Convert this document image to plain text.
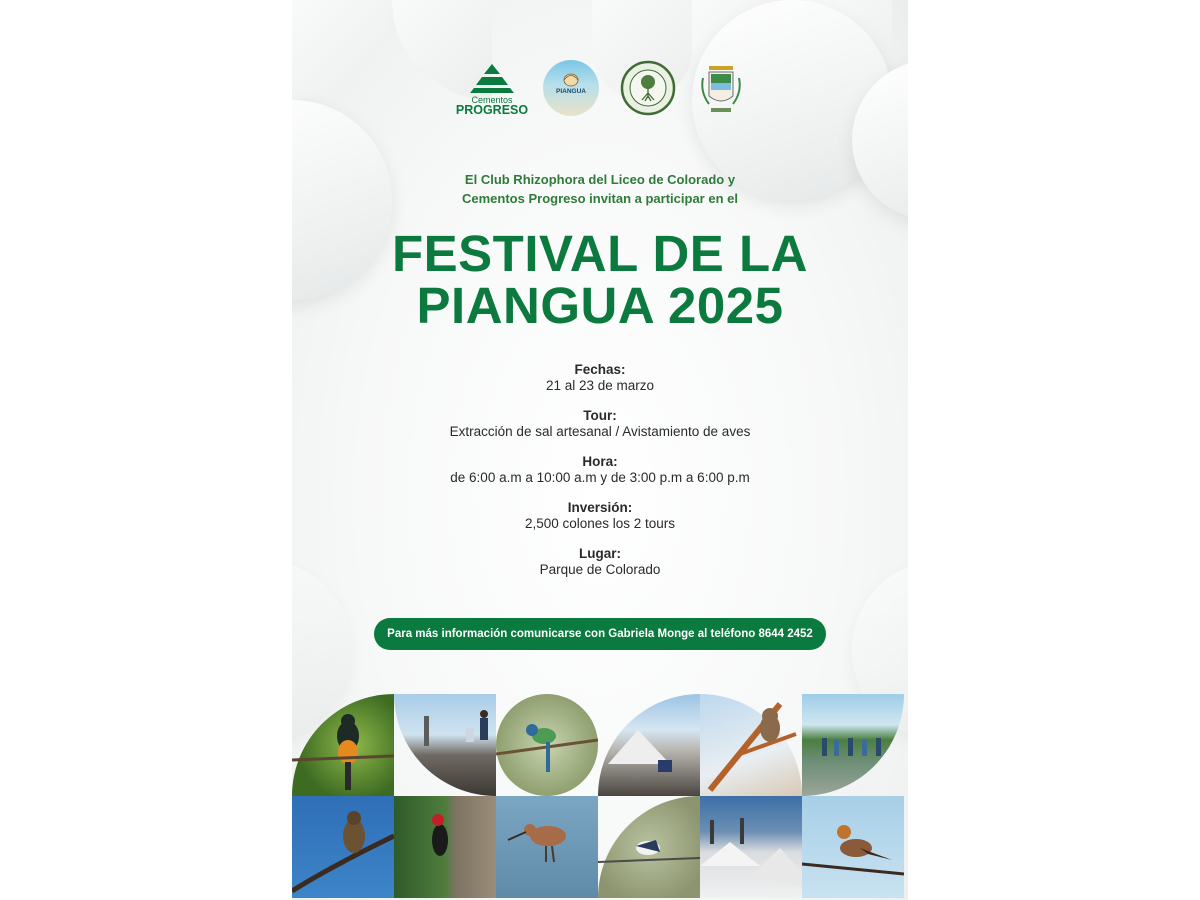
Cementos
PROGRESO
PIANGUA
El Club Rhizophora del Liceo de Colorado y
Cementos Progreso invitan a participar en el
FESTIVAL DE LA
PIANGUA 2025
Fechas:
21 al 23 de marzo
Tour:
Extracción de sal artesanal / Avistamiento de aves
Hora:
de 6:00 a.m a 10:00 a.m y de 3:00 p.m a 6:00 p.m
Inversión:
2,500 colones los 2 tours
Lugar:
Parque de Colorado
Para más información comunicarse con Gabriela Monge al teléfono 8644 2452
